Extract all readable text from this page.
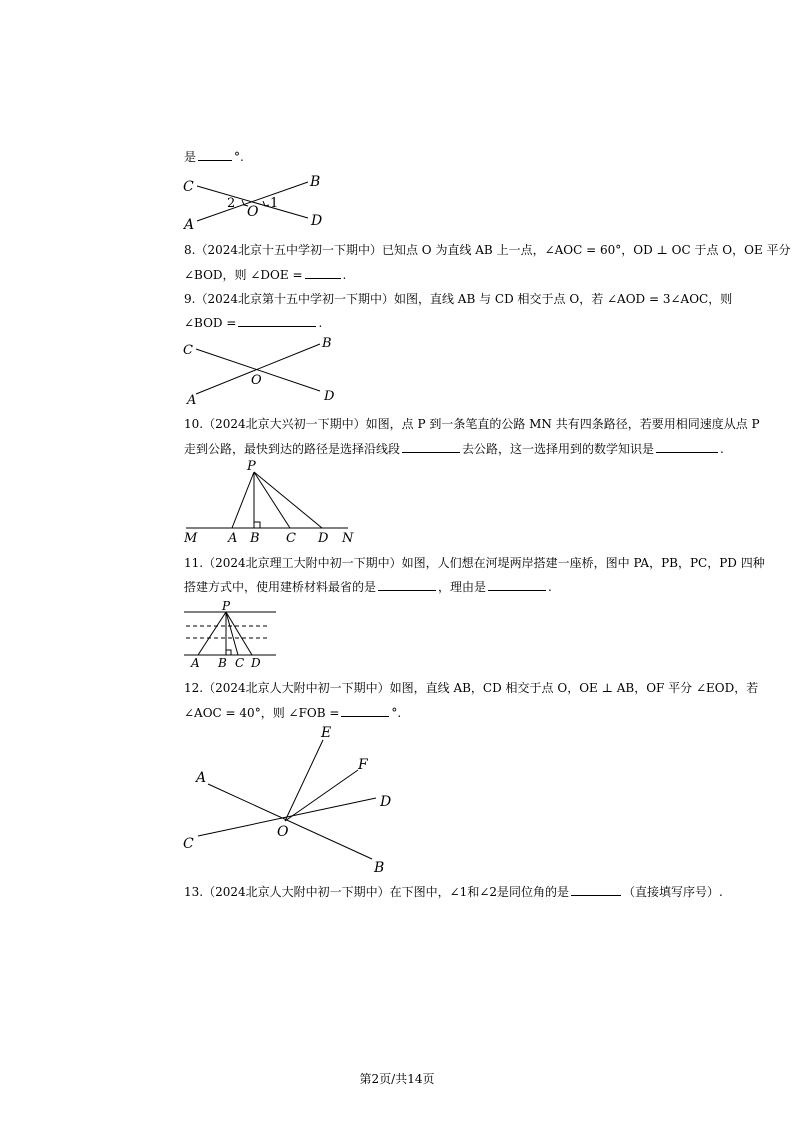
是	°.
C	B
A	D
O
1
2
8.（2024北京十五中学初一下期中）已知点 O 为直线 AB 上一点，∠AOC = 60°，OD ⊥ OC 于点 O，OE 平分
∠BOD，则 ∠DOE =	.
9.（2024北京第十五中学初一下期中）如图，直线 AB 与 CD 相交于点 O，若 ∠AOD = 3∠AOC，则
∠BOD =	.
C	B
A	D
O
10.（2024北京大兴初一下期中）如图，点 P 到一条笔直的公路 MN 共有四条路径，若要用相同速度从点 P
走到公路，最快到达的路径是选择沿线段	去公路，这一选择用到的数学知识是	.
P
M A B C D N
11.（2024北京理工大附中初一下期中）如图，人们想在河堤两岸搭建一座桥，图中 PA，PB，PC，PD 四种
搭建方式中，使用建桥材料最省的是	，理由是	.
P
A B C D
12.（2024北京人大附中初一下期中）如图，直线 AB，CD 相交于点 O，OE ⊥ AB，OF 平分 ∠EOD，若
∠AOC = 40°，则 ∠FOB =	°.
E
F
A
D
O
C
B
13.（2024北京人大附中初一下期中）在下图中，∠1和∠2是同位角的是	（直接填写序号）.
第2页/共14页
